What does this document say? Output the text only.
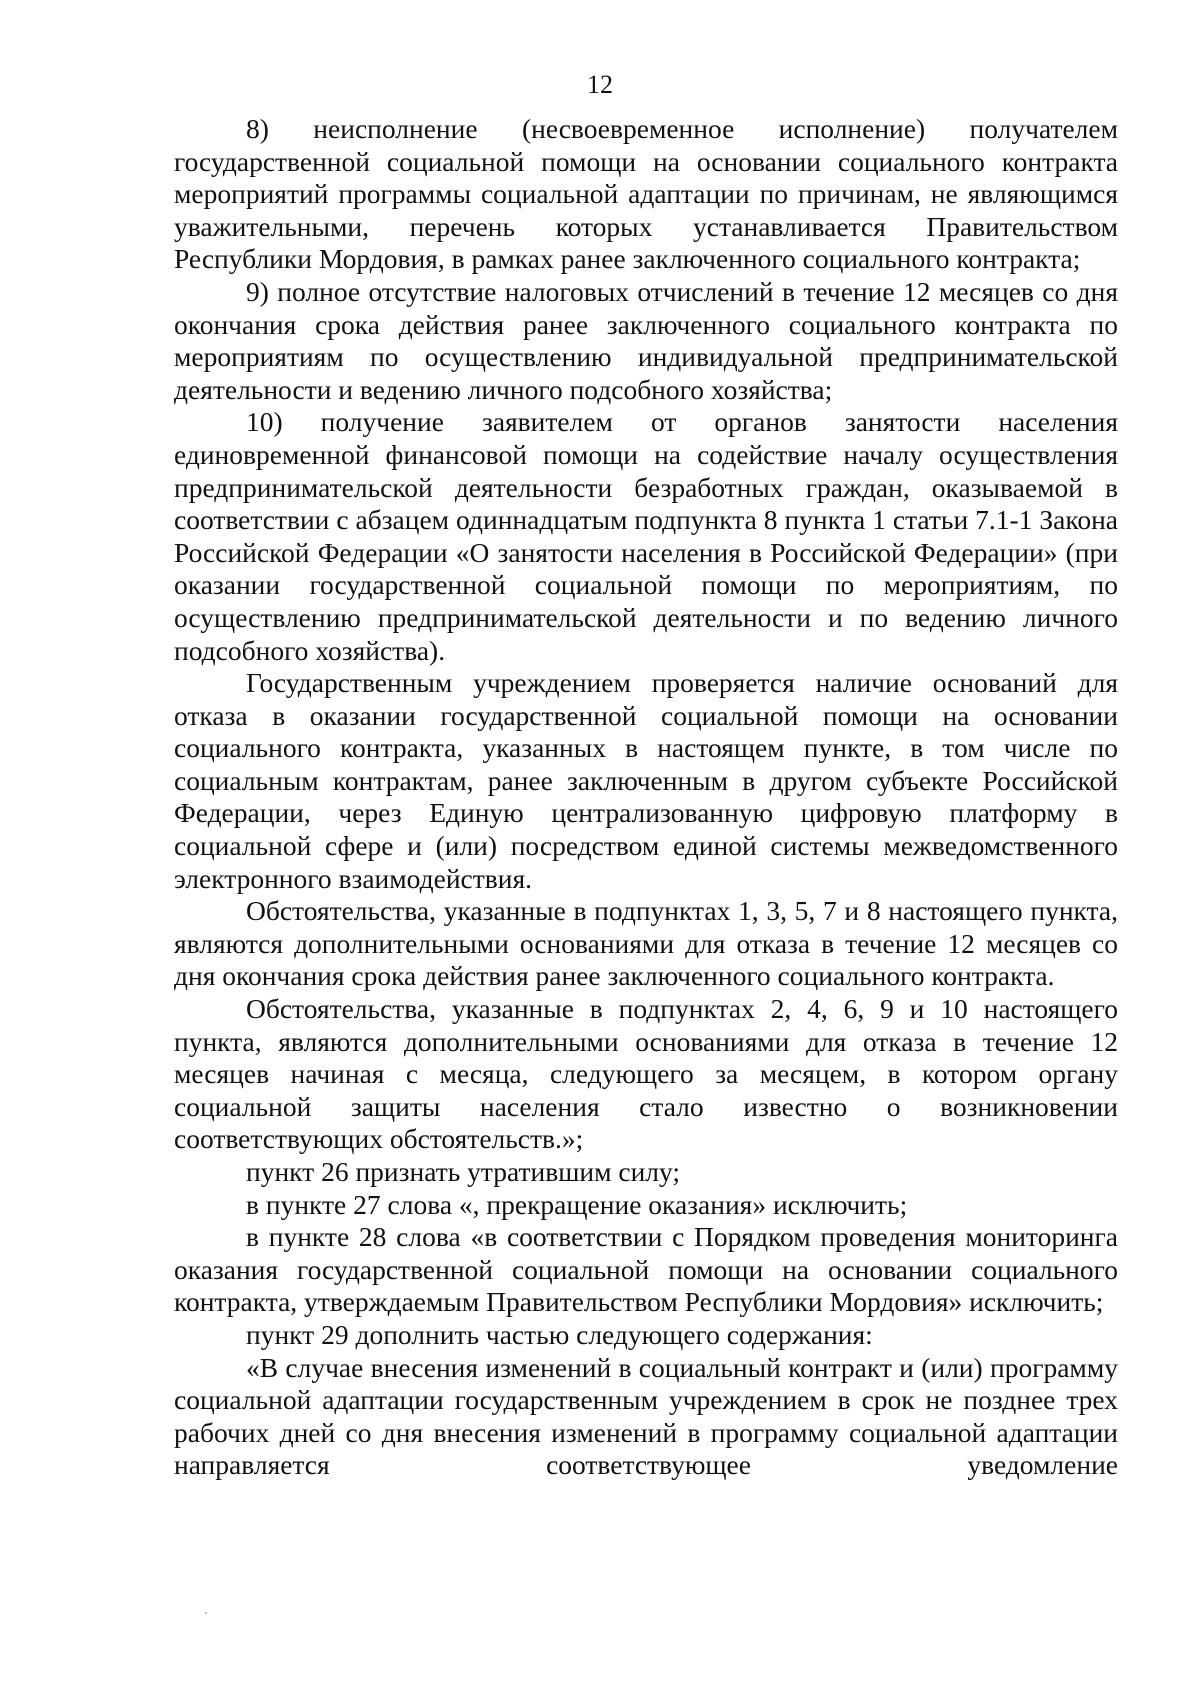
12

8) неисполнение (несвоевременное исполнение) получателем государственной социальной помощи на основании социального контракта мероприятий программы социальной адаптации по причинам, не являющимся уважительными, перечень которых устанавливается Правительством Республики Мордовия, в рамках ранее заключенного социального контракта;

9) полное отсутствие налоговых отчислений в течение 12 месяцев со дня окончания срока действия ранее заключенного социального контракта по мероприятиям по осуществлению индивидуальной предпринимательской деятельности и ведению личного подсобного хозяйства;

10) получение заявителем от органов занятости населения единовременной финансовой помощи на содействие началу осуществления предпринимательской деятельности безработных граждан, оказываемой в соответствии с абзацем одиннадцатым подпункта 8 пункта 1 статьи 7.1-1 Закона Российской Федерации «О занятости населения в Российской Федерации» (при оказании государственной социальной помощи по мероприятиям, по осуществлению предпринимательской деятельности и по ведению личного подсобного хозяйства).

Государственным учреждением проверяется наличие оснований для отказа в оказании государственной социальной помощи на основании социального контракта, указанных в настоящем пункте, в том числе по социальным контрактам, ранее заключенным в другом субъекте Российской Федерации, через Единую централизованную цифровую платформу в социальной сфере и (или) посредством единой системы межведомственного электронного взаимодействия.

Обстоятельства, указанные в подпунктах 1, 3, 5, 7 и 8 настоящего пункта, являются дополнительными основаниями для отказа в течение 12 месяцев со дня окончания срока действия ранее заключенного социального контракта.

Обстоятельства, указанные в подпунктах 2, 4, 6, 9 и 10 настоящего пункта, являются дополнительными основаниями для отказа в течение 12 месяцев начиная с месяца, следующего за месяцем, в котором органу социальной защиты населения стало известно о возникновении соответствующих обстоятельств.»;

пункт 26 признать утратившим силу;

в пункте 27 слова «, прекращение оказания» исключить;

в пункте 28 слова «в соответствии с Порядком проведения мониторинга оказания государственной социальной помощи на основании социального контракта, утверждаемым Правительством Республики Мордовия» исключить;

пункт 29 дополнить частью следующего содержания:

«В случае внесения изменений в социальный контракт и (или) программу социальной адаптации государственным учреждением в срок не позднее трех рабочих дней со дня внесения изменений в программу социальной адаптации направляется соответствующее уведомление
